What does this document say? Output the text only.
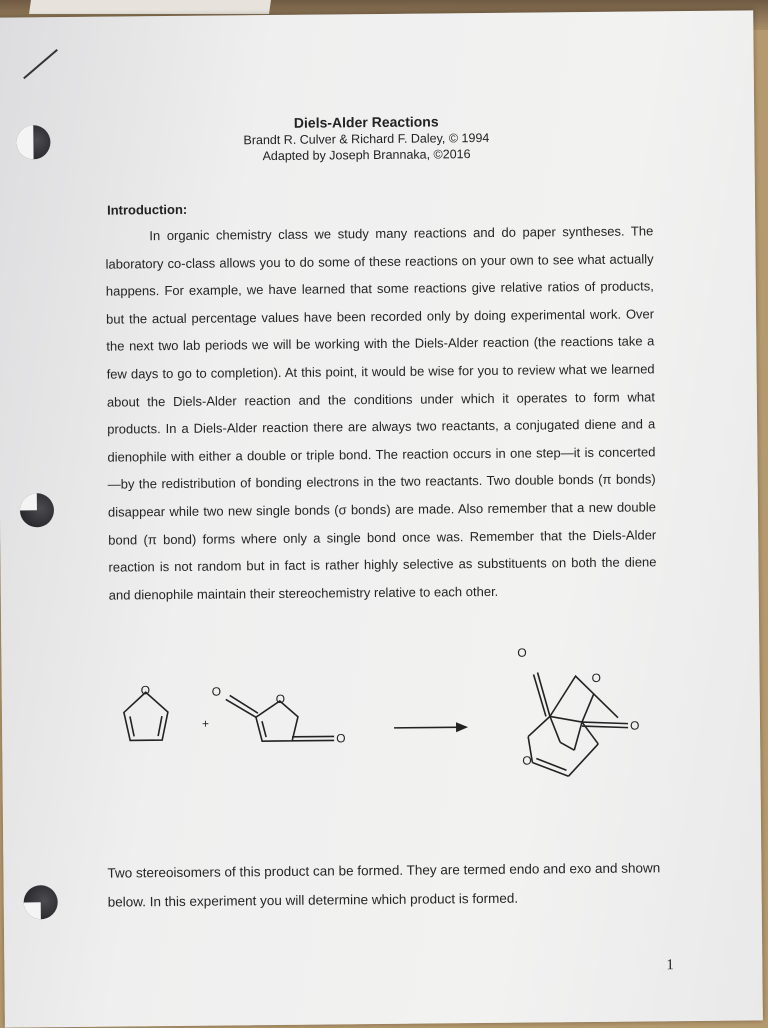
Diels-Alder Reactions
Brandt R. Culver & Richard F. Daley, © 1994
Adapted by Joseph Brannaka, ©2016
Introduction:
In organic chemistry class we study many reactions and do paper syntheses. The laboratory co-class allows you to do some of these reactions on your own to see what actually happens. For example, we have learned that some reactions give relative ratios of products, but the actual percentage values have been recorded only by doing experimental work. Over the next two lab periods we will be working with the Diels-Alder reaction (the reactions take a few days to go to completion). At this point, it would be wise for you to review what we learned about the Diels-Alder reaction and the conditions under which it operates to form what products. In a Diels-Alder reaction there are always two reactants, a conjugated diene and a dienophile with either a double or triple bond. The reaction occurs in one step—it is concerted—by the redistribution of bonding electrons in the two reactants. Two double bonds (π bonds) disappear while two new single bonds (σ bonds) are made. Also remember that a new double bond (π bond) forms where only a single bond once was. Remember that the Diels-Alder reaction is not random but in fact is rather highly selective as substituents on both the diene and dienophile maintain their stereochemistry relative to each other.
O
+
O
O
O
O
O
O
O
Two stereoisomers of this product can be formed. They are termed endo and exo and shown below. In this experiment you will determine which product is formed.
1
